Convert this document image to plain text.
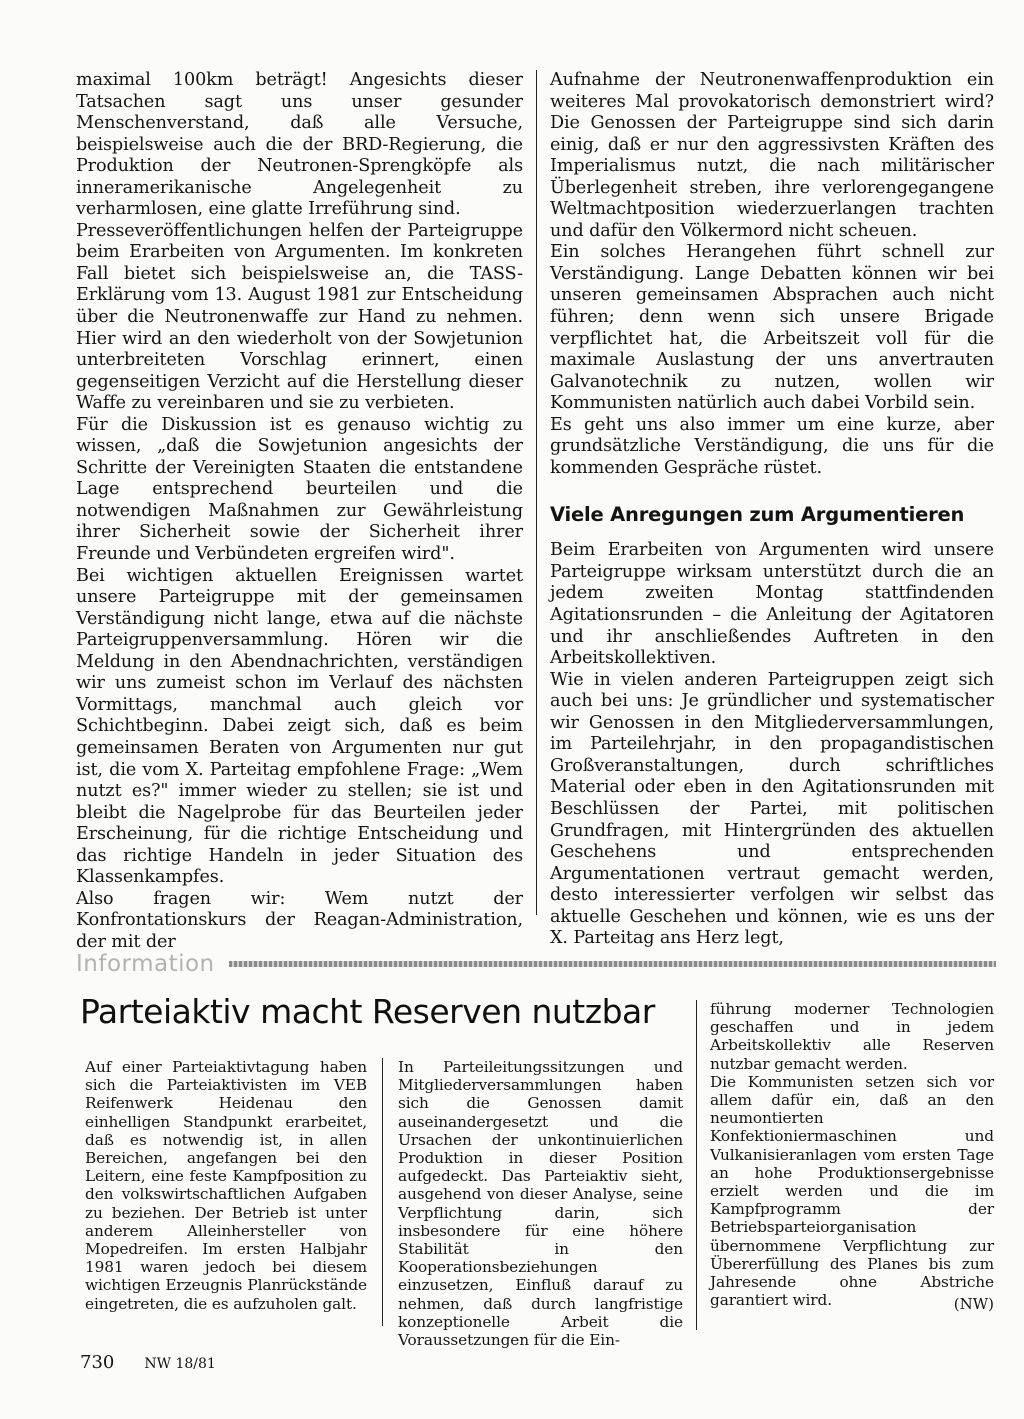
maximal 100km beträgt! Angesichts dieser Tatsachen sagt uns unser gesunder Menschenverstand, daß alle Versuche, beispielsweise auch die der BRD-Regierung, die Produktion der Neutronen-Sprengköpfe als inneramerikanische Angelegenheit zu verharmlosen, eine glatte Irreführung sind.

Presseveröffentlichungen helfen der Parteigruppe beim Erarbeiten von Argumenten. Im konkreten Fall bietet sich beispielsweise an, die TASS-Erklärung vom 13. August 1981 zur Entscheidung über die Neutronenwaffe zur Hand zu nehmen. Hier wird an den wiederholt von der Sowjetunion unterbreiteten Vorschlag erinnert, einen gegenseitigen Verzicht auf die Herstellung dieser Waffe zu vereinbaren und sie zu verbieten.

Für die Diskussion ist es genauso wichtig zu wissen, „daß die Sowjetunion angesichts der Schritte der Vereinigten Staaten die entstandene Lage entsprechend beurteilen und die notwendigen Maßnahmen zur Gewährleistung ihrer Sicherheit sowie der Sicherheit ihrer Freunde und Verbündeten ergreifen wird".

Bei wichtigen aktuellen Ereignissen wartet unsere Parteigruppe mit der gemeinsamen Verständigung nicht lange, etwa auf die nächste Parteigruppenversammlung. Hören wir die Meldung in den Abendnachrichten, verständigen wir uns zumeist schon im Verlauf des nächsten Vormittags, manchmal auch gleich vor Schichtbeginn. Dabei zeigt sich, daß es beim gemeinsamen Beraten von Argumenten nur gut ist, die vom X. Parteitag empfohlene Frage: „Wem nutzt es?" immer wieder zu stellen; sie ist und bleibt die Nagelprobe für das Beurteilen jeder Erscheinung, für die richtige Entscheidung und das richtige Handeln in jeder Situation des Klassenkampfes.

Also fragen wir: Wem nutzt der Konfrontationskurs der Reagan-Administration, der mit der

Aufnahme der Neutronenwaffenproduktion ein weiteres Mal provokatorisch demonstriert wird? Die Genossen der Parteigruppe sind sich darin einig, daß er nur den aggressivsten Kräften des Imperialismus nutzt, die nach militärischer Überlegenheit streben, ihre verlorengegangene Weltmachtposition wiederzuerlangen trachten und dafür den Völkermord nicht scheuen.

Ein solches Herangehen führt schnell zur Verständigung. Lange Debatten können wir bei unseren gemeinsamen Absprachen auch nicht führen; denn wenn sich unsere Brigade verpflichtet hat, die Arbeitszeit voll für die maximale Auslastung der uns anvertrauten Galvanotechnik zu nutzen, wollen wir Kommunisten natürlich auch dabei Vorbild sein.

Es geht uns also immer um eine kurze, aber grundsätzliche Verständigung, die uns für die kommenden Gespräche rüstet.

Viele Anregungen zum Argumentieren

Beim Erarbeiten von Argumenten wird unsere Parteigruppe wirksam unterstützt durch die an jedem zweiten Montag stattfindenden Agitationsrunden – die Anleitung der Agitatoren und ihr anschließendes Auftreten in den Arbeitskollektiven.

Wie in vielen anderen Parteigruppen zeigt sich auch bei uns: Je gründlicher und systematischer wir Genossen in den Mitgliederversammlungen, im Parteilehrjahr, in den propagandistischen Großveranstaltungen, durch schriftliches Material oder eben in den Agitationsrunden mit Beschlüssen der Partei, mit politischen Grundfragen, mit Hintergründen des aktuellen Geschehens und entsprechenden Argumentationen vertraut gemacht werden, desto interessierter verfolgen wir selbst das aktuelle Geschehen und können, wie es uns der X. Parteitag ans Herz legt,

Information
Parteiaktiv macht Reserven nutzbar

Auf einer Parteiaktivtagung haben sich die Parteiaktivisten im VEB Reifenwerk Heidenau den einhelligen Standpunkt erarbeitet, daß es notwendig ist, in allen Bereichen, angefangen bei den Leitern, eine feste Kampfposition zu den volkswirtschaftlichen Aufgaben zu beziehen. Der Betrieb ist unter anderem Alleinhersteller von Mopedreifen. Im ersten Halbjahr 1981 waren jedoch bei diesem wichtigen Erzeugnis Planrückstände eingetreten, die es aufzuholen galt.

In Parteileitungssitzungen und Mitgliederversammlungen haben sich die Genossen damit auseinandergesetzt und die Ursachen der unkontinuierlichen Produktion in dieser Position aufgedeckt. Das Parteiaktiv sieht, ausgehend von dieser Analyse, seine Verpflichtung darin, sich insbesondere für eine höhere Stabilität in den Kooperationsbeziehungen einzusetzen, Einfluß darauf zu nehmen, daß durch langfristige konzeptionelle Arbeit die Voraussetzungen für die Ein-

führung moderner Technologien geschaffen und in jedem Arbeitskollektiv alle Reserven nutzbar gemacht werden.

Die Kommunisten setzen sich vor allem dafür ein, daß an den neumontierten Konfektioniermaschinen und Vulkanisieranlagen vom ersten Tage an hohe Produktionsergebnisse erzielt werden und die im Kampfprogramm der Betriebsparteiorganisation übernommene Verpflichtung zur Übererfüllung des Planes bis zum Jahresende ohne Abstriche garantiert wird.	(NW)
730 NW 18/81
